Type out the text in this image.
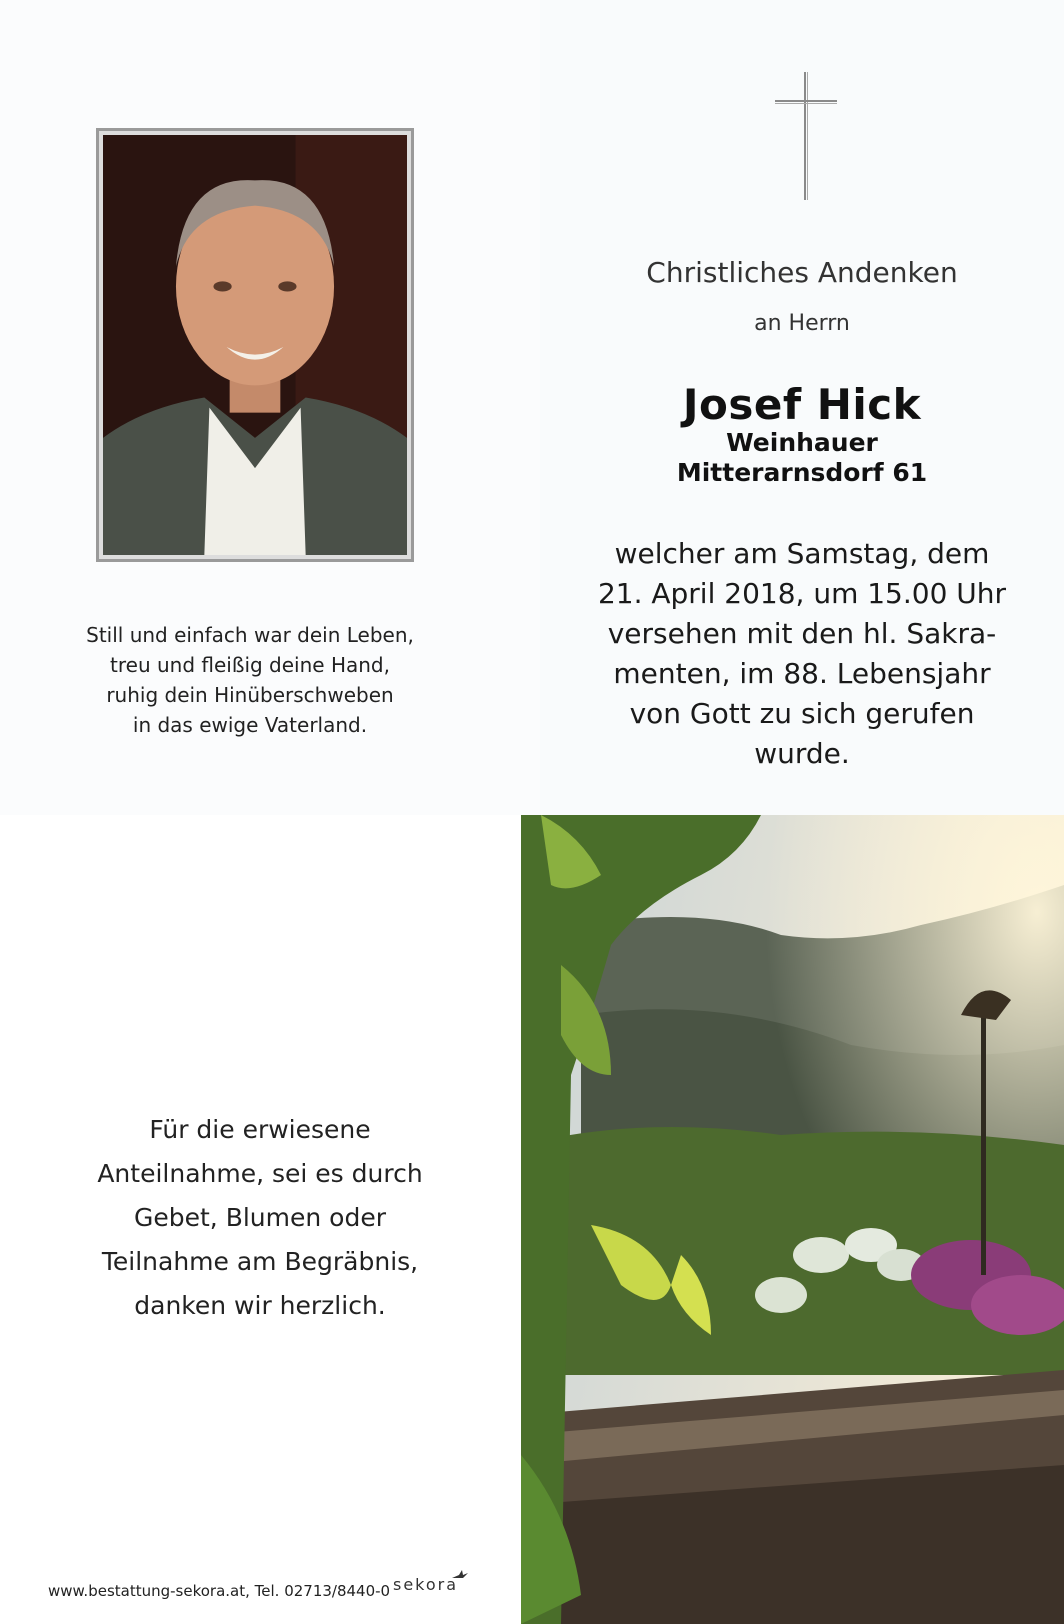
Still und einfach war dein Leben,
treu und fleißig deine Hand,
ruhig dein Hinüberschweben
in das ewige Vaterland.
Christliches Andenken
an Herrn
Josef Hick
Weinhauer
Mitterarnsdorf 61
welcher am Samstag, dem
21. April 2018, um 15.00 Uhr
versehen mit den hl. Sakra-
menten, im 88. Lebensjahr
von Gott zu sich gerufen
wurde.
Für die erwiesene
Anteilnahme, sei es durch
Gebet, Blumen oder
Teilnahme am Begräbnis,
danken wir herzlich.
www.bestattung-sekora.at, Tel. 02713/8440-0 sekora
